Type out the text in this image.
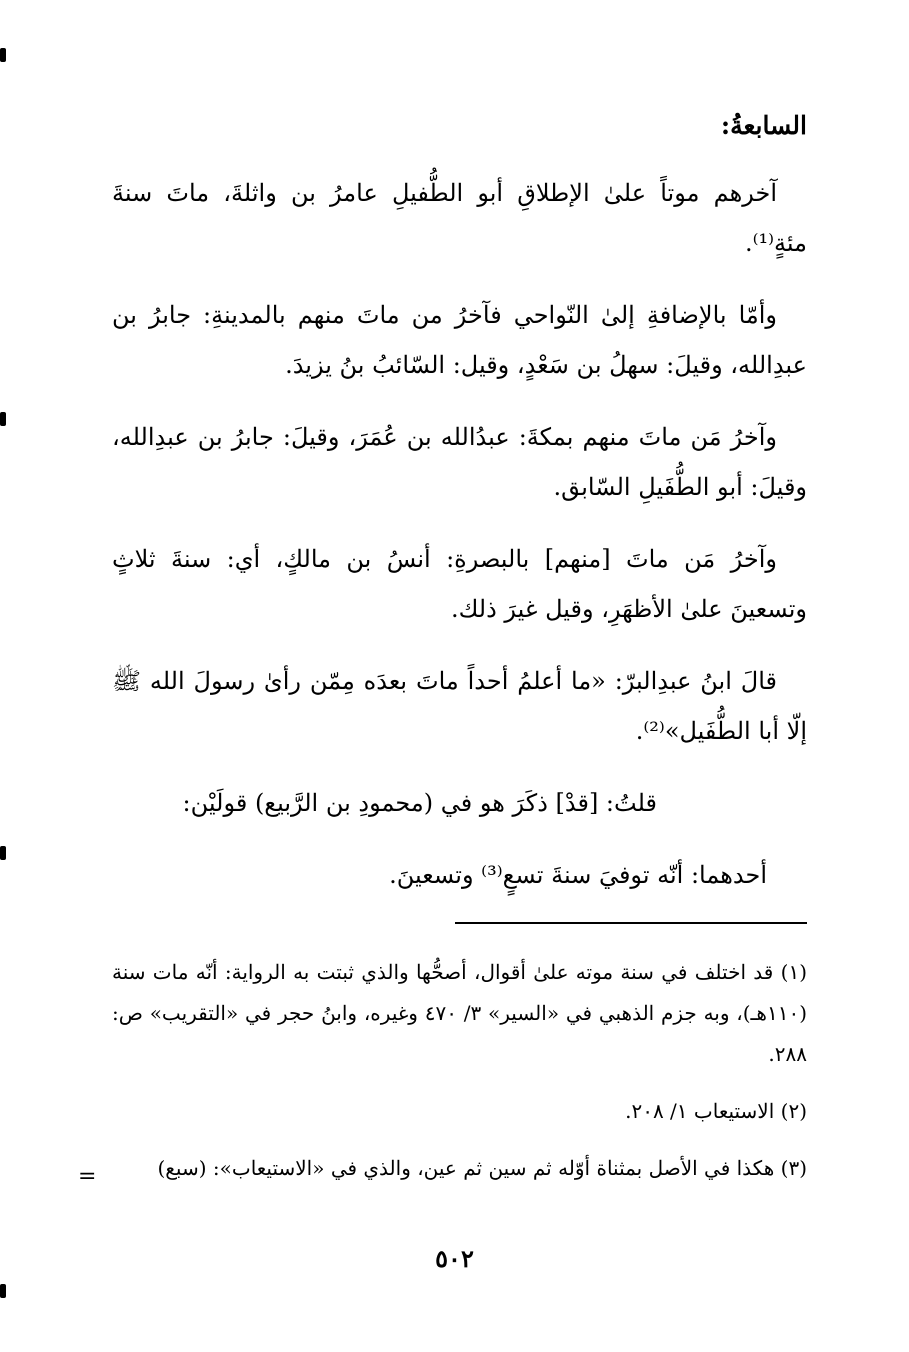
السابعةُ:

آخرهم موتاً علىٰ الإطلاقِ أبو الطُّفيلِ عامرُ بن واثلةَ، ماتَ سنةَ مئةٍ⁽¹⁾.

وأمّا بالإضافةِ إلىٰ النّواحي فآخرُ من ماتَ منهم بالمدينةِ: جابرُ بن عبدِالله، وقيلَ: سهلُ بن سَعْدٍ، وقيل: السّائبُ بنُ يزيدَ.

وآخرُ مَن ماتَ منهم بمكةَ: عبدُالله بن عُمَرَ، وقيلَ: جابرُ بن عبدِالله، وقيلَ: أبو الطُّفَيلِ السّابق.

وآخرُ مَن ماتَ [منهم] بالبصرةِ: أنسُ بن مالكٍ، أي: سنةَ ثلاثٍ وتسعينَ علىٰ الأظهَرِ، وقيل غيرَ ذلك.

قالَ ابنُ عبدِالبرّ: «ما أعلمُ أحداً ماتَ بعدَه مِمّن رأىٰ رسولَ الله ﷺ إلّا أبا الطُّفَيل»⁽²⁾.

قلتُ: [قدْ] ذكَرَ هو في (محمودِ بن الرَّبيع) قولَيْن:

أحدهما: أنّه توفيَ سنةَ تسعٍ⁽³⁾ وتسعينَ.

(١) قد اختلف في سنة موته علىٰ أقوال، أصحُّها والذي ثبتت به الرواية: أنّه مات سنة (١١٠هـ)، وبه جزم الذهبي في «السير» ٣/ ٤٧٠ وغيره، وابنُ حجر في «التقريب» ص: ٢٨٨.

(٢) الاستيعاب ١/ ٢٠٨.

(٣) هكذا في الأصل بمثناة أوّله ثم سين ثم عين، والذي في «الاستيعاب»: (سبع)

=
٥٠٢
